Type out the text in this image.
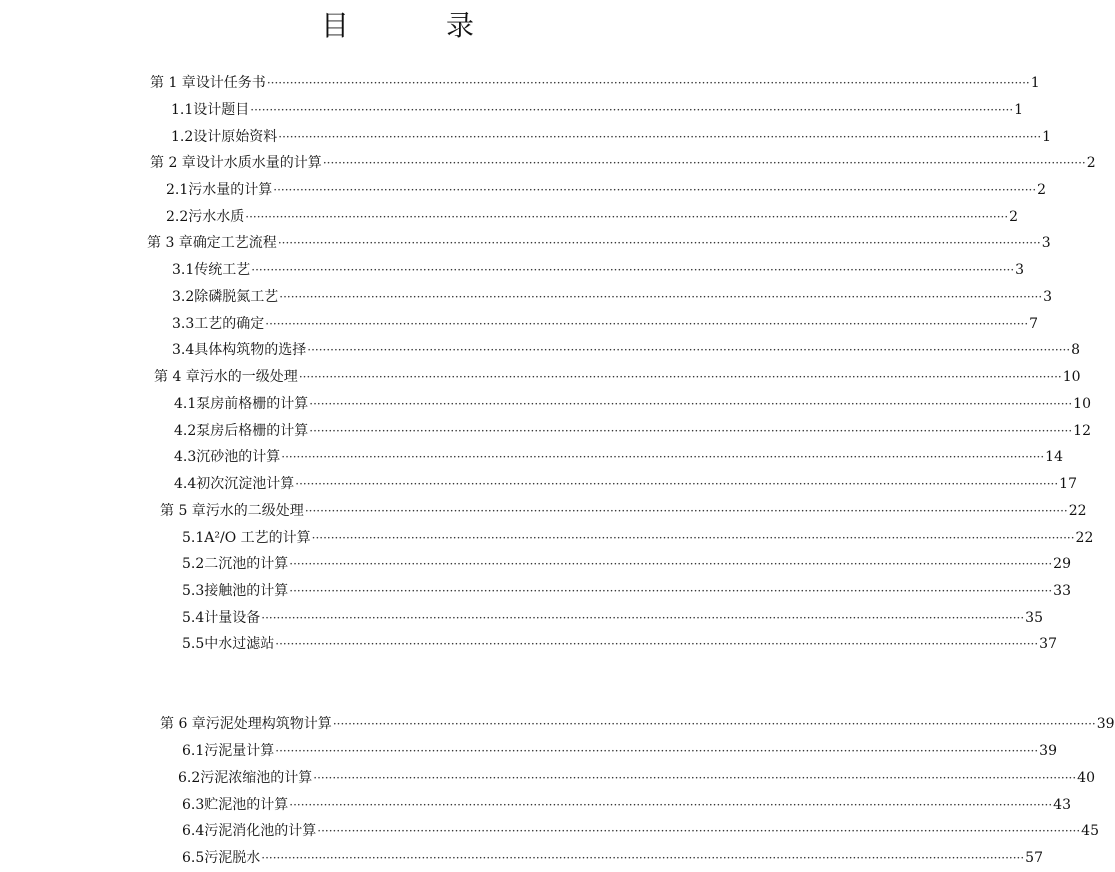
目 录
第 1 章 设计任务书 ········································································································································································································ 1
1.1 设计题目 ········································································································································································································ 1
1.2 设计原始资料 ········································································································································································································ 1
第 2 章 设计水质水量的计算 ········································································································································································································ 2
2.1 污水量的计算 ········································································································································································································ 2
2.2 污水水质 ········································································································································································································ 2
第 3 章 确定工艺流程 ········································································································································································································ 3
3.1 传统工艺 ········································································································································································································ 3
3.2 除磷脱氮工艺 ········································································································································································································ 3
3.3 工艺的确定 ········································································································································································································ 7
3.4 具体构筑物的选择 ········································································································································································································ 8
第 4 章 污水的一级处理 ········································································································································································································ 10
4.1 泵房前格栅的计算 ········································································································································································································ 10
4.2 泵房后格栅的计算 ········································································································································································································ 12
4.3 沉砂池的计算 ········································································································································································································ 14
4.4 初次沉淀池计算 ········································································································································································································ 17
第 5 章 污水的二级处理 ········································································································································································································ 22
5.1 A²/O 工艺的计算 ········································································································································································································ 22
5.2 二沉池的计算 ········································································································································································································ 29
5.3 接触池的计算 ········································································································································································································ 33
5.4 计量设备 ········································································································································································································ 35
5.5 中水过滤站 ········································································································································································································ 37
第 6 章 污泥处理构筑物计算 ········································································································································································································ 39
6.1 污泥量计算 ········································································································································································································ 39
6.2 污泥浓缩池的计算 ········································································································································································································ 40
6.3 贮泥池的计算 ········································································································································································································ 43
6.4 污泥消化池的计算 ········································································································································································································ 45
6.5 污泥脱水 ········································································································································································································ 57
